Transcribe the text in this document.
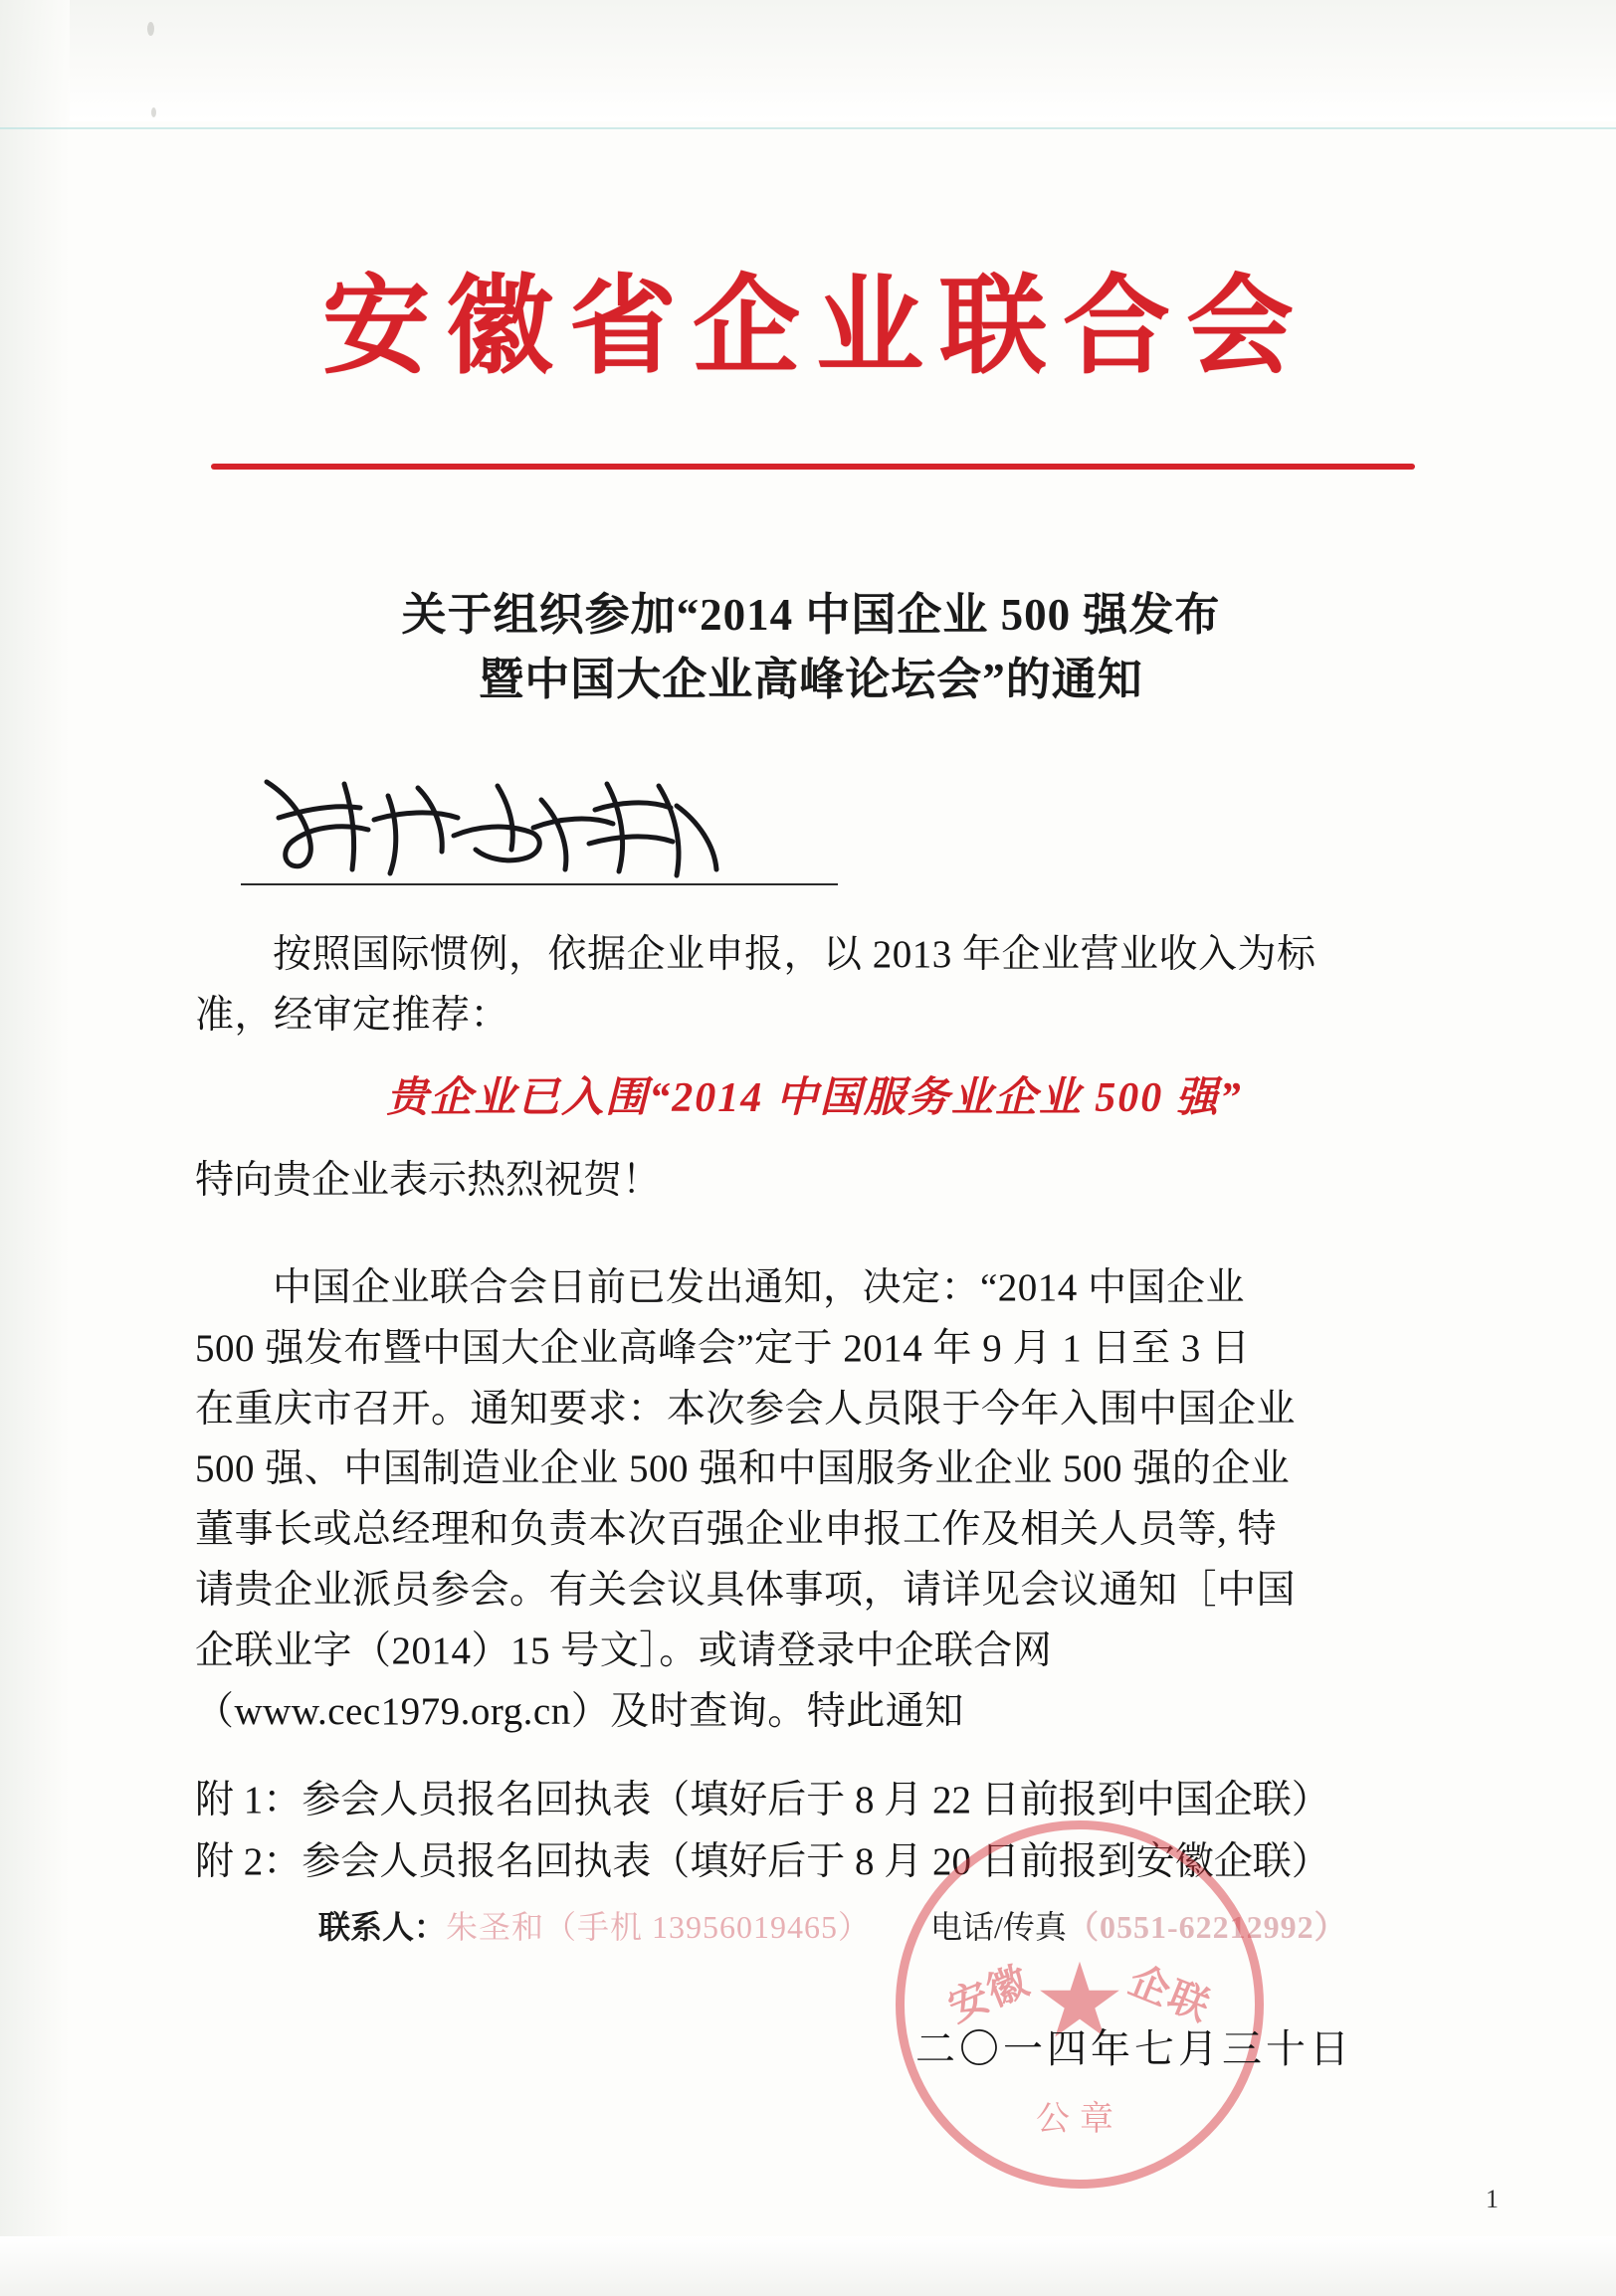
安徽省企业联合会
关于组织参加“2014 中国企业 500 强发布
暨中国大企业高峰论坛会”的通知

按照国际惯例，依据企业申报，以 2013 年企业营业收入为标

准，经审定推荐：

贵企业已入围“2014 中国服务业企业 500 强”
特向贵企业表示热烈祝贺！

中国企业联合会日前已发出通知，决定：“2014 中国企业

500 强发布暨中国大企业高峰会”定于 2014 年 9 月 1 日至 3 日

在重庆市召开。通知要求：本次参会人员限于今年入围中国企业

500 强、中国制造业企业 500 强和中国服务业企业 500 强的企业

董事长或总经理和负责本次百强企业申报工作及相关人员等, 特

请贵企业派员参会。有关会议具体事项，请详见会议通知［中国

企联业字（2014）15 号文］。或请登录中企联合网

（www.cec1979.org.cn）及时查询。特此通知

附 1：参会人员报名回执表（填好后于 8 月 22 日前报到中国企联）
附 2：参会人员报名回执表（填好后于 8 月 20 日前报到安徽企联）
联系人：朱圣和（手机 13956019465） 电话/传真（0551-62212992）
安徽 企联
★
公章
二〇一四年七月三十日
1
